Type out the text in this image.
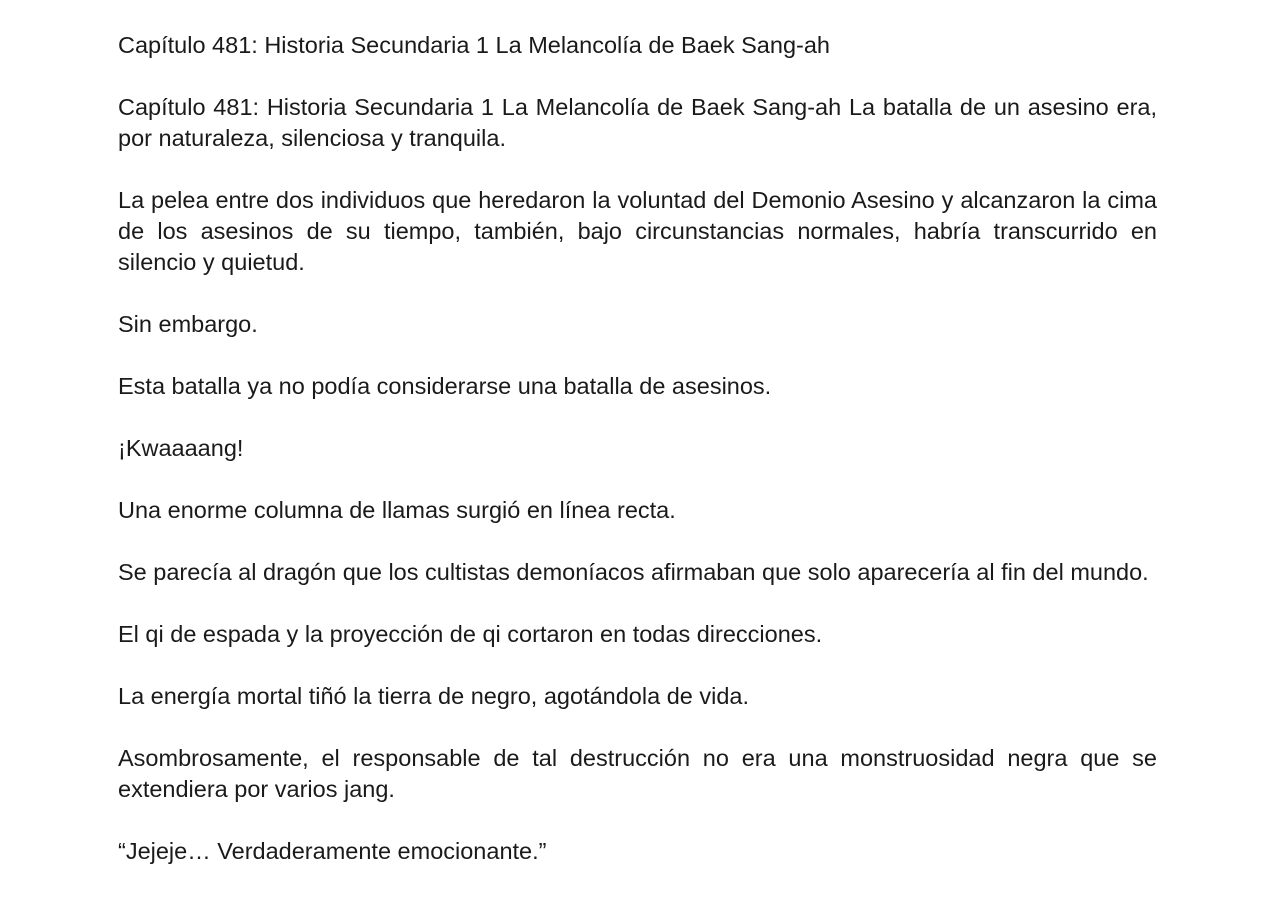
Capítulo 481: Historia Secundaria 1 La Melancolía de Baek Sang-ah

Capítulo 481: Historia Secundaria 1 La Melancolía de Baek Sang-ah La batalla de un asesino era, por naturaleza, silenciosa y tranquila.

La pelea entre dos individuos que heredaron la voluntad del Demonio Asesino y alcanzaron la cima de los asesinos de su tiempo, también, bajo circunstancias normales, habría transcurrido en silencio y quietud.

Sin embargo.

Esta batalla ya no podía considerarse una batalla de asesinos.

¡Kwaaaang!

Una enorme columna de llamas surgió en línea recta.

Se parecía al dragón que los cultistas demoníacos afirmaban que solo aparecería al fin del mundo.

El qi de espada y la proyección de qi cortaron en todas direcciones.

La energía mortal tiñó la tierra de negro, agotándola de vida.

Asombrosamente, el responsable de tal destrucción no era una monstruosidad negra que se extendiera por varios jang.

“Jejeje… Verdaderamente emocionante.”
